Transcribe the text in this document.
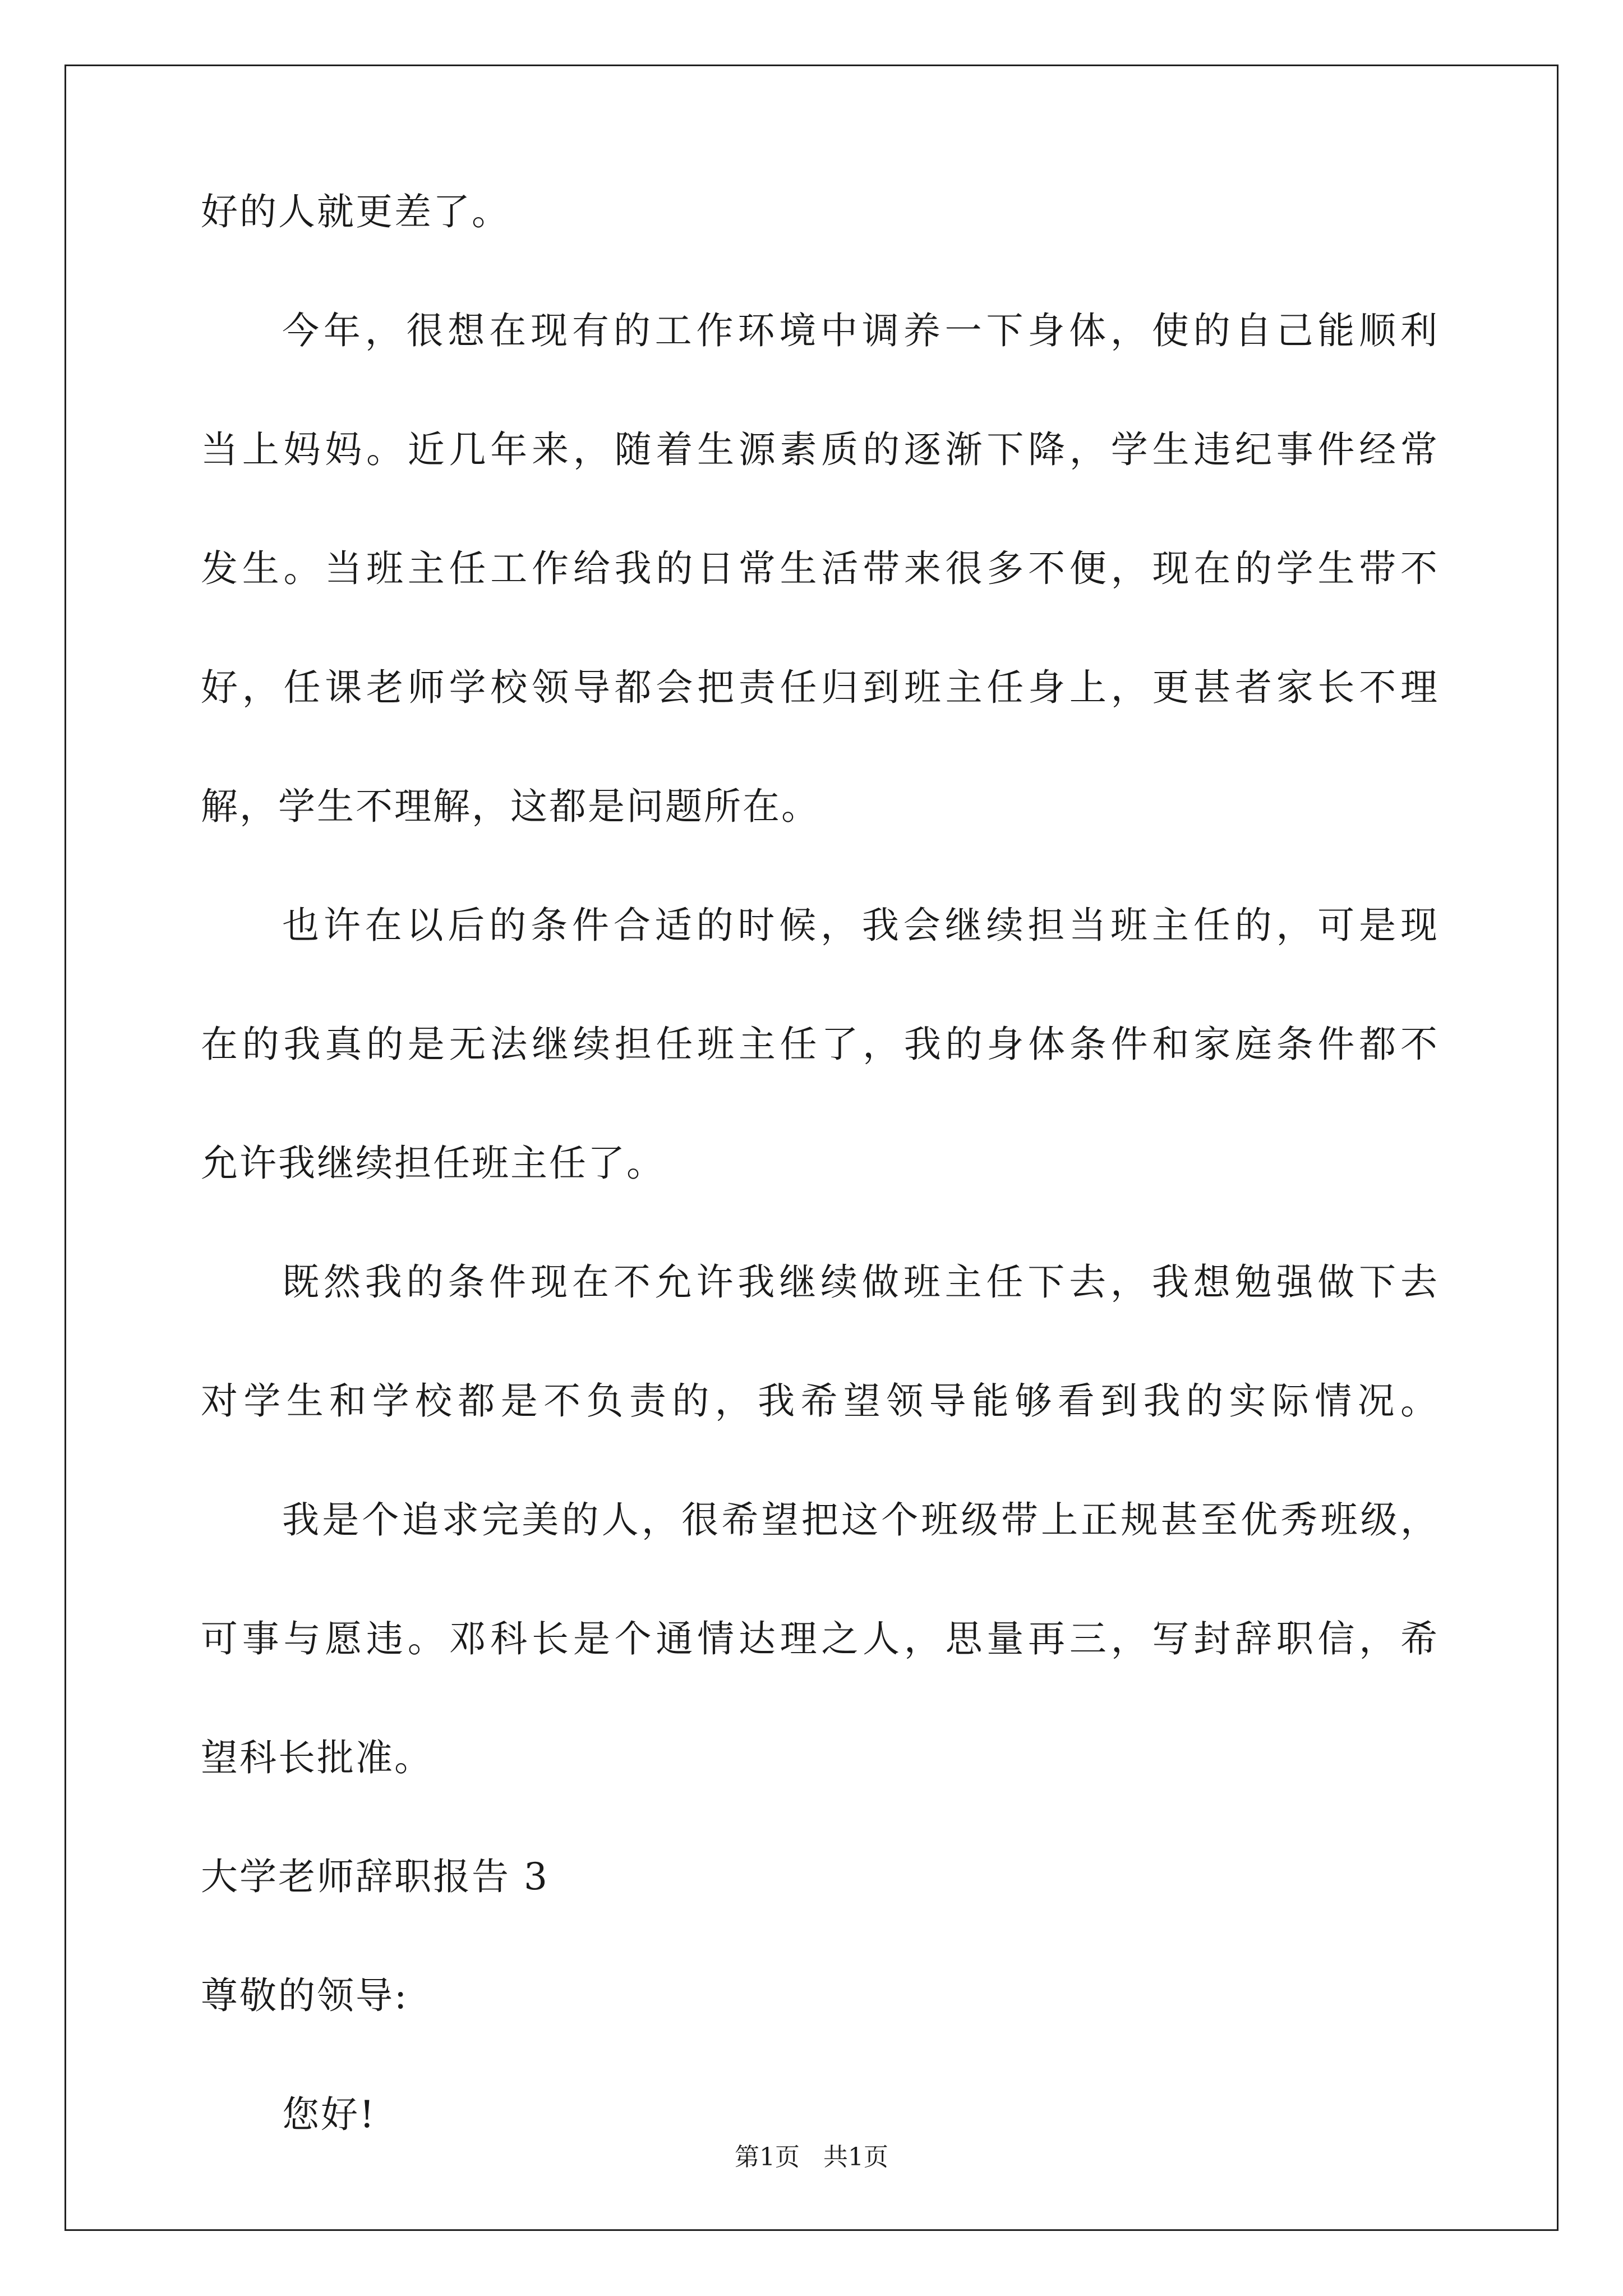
好的人就更差了。
今年，很想在现有的工作环境中调养一下身体，使的自己能顺利
当上妈妈。近几年来，随着生源素质的逐渐下降，学生违纪事件经常
发生。当班主任工作给我的日常生活带来很多不便，现在的学生带不
好，任课老师学校领导都会把责任归到班主任身上，更甚者家长不理
解，学生不理解，这都是问题所在。
也许在以后的条件合适的时候，我会继续担当班主任的，可是现
在的我真的是无法继续担任班主任了，我的身体条件和家庭条件都不
允许我继续担任班主任了。
既然我的条件现在不允许我继续做班主任下去，我想勉强做下去
对学生和学校都是不负责的，我希望领导能够看到我的实际情况。
我是个追求完美的人，很希望把这个班级带上正规甚至优秀班级，
可事与愿违。邓科长是个通情达理之人，思量再三，写封辞职信，希
望科长批准。
大学老师辞职报告 3
尊敬的领导:
您好!
第1页   共1页
